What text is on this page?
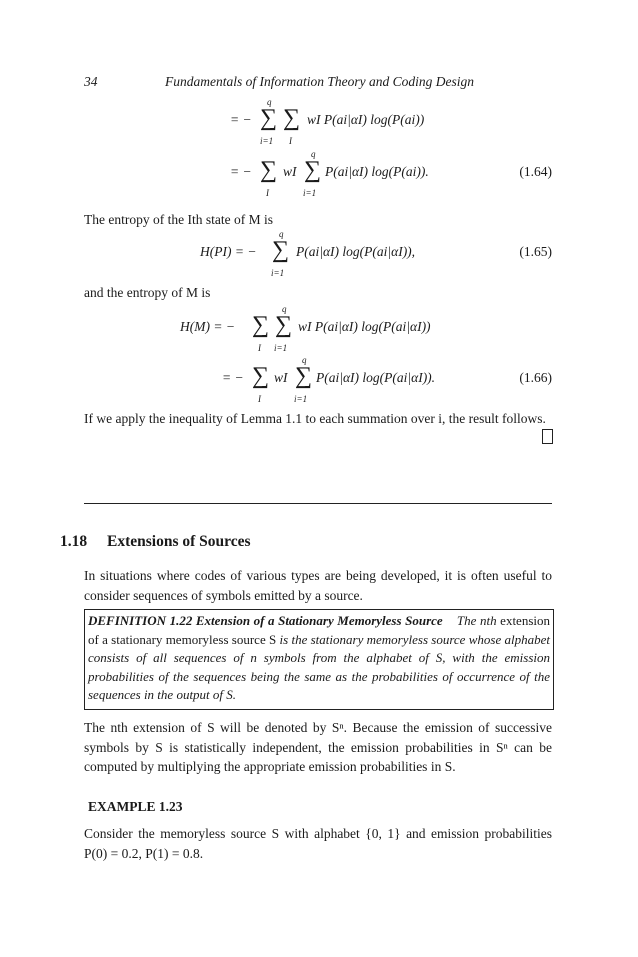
34	Fundamentals of Information Theory and Coding Design
= −
q
∑
i=1
∑
I
wI P(ai|αI) log(P(ai))
= − ∑
I
wI
q
∑
i=1
P(ai|αI) log(P(ai)).	(1.64)
The entropy of the Ith state of M is
H(PI) = −
q
∑
i=1
P(ai|αI) log(P(ai|αI)),	(1.65)
and the entropy of M is
H(M) = − ∑
I
q
∑
i=1
wI P(ai|αI) log(P(ai|αI))
= − ∑
I
wI
q
∑
i=1
P(ai|αI) log(P(ai|αI)).	(1.66)
If we apply the inequality of Lemma 1.1 to each summation over i, the result follows.
1.18 Extensions of Sources
In situations where codes of various types are being developed, it is often useful to consider sequences of symbols emitted by a source.
DEFINITION 1.22 Extension of a Stationary Memoryless Source The nth extension of a stationary memoryless source S is the stationary memoryless source whose alphabet consists of all sequences of n symbols from the alphabet of S, with the emission probabilities of the sequences being the same as the probabilities of occurrence of the sequences in the output of S.
The nth extension of S will be denoted by Sⁿ. Because the emission of successive symbols by S is statistically independent, the emission probabilities in Sⁿ can be computed by multiplying the appropriate emission probabilities in S.
EXAMPLE 1.23
Consider the memoryless source S with alphabet {0, 1} and emission probabilities P(0) = 0.2, P(1) = 0.8.
